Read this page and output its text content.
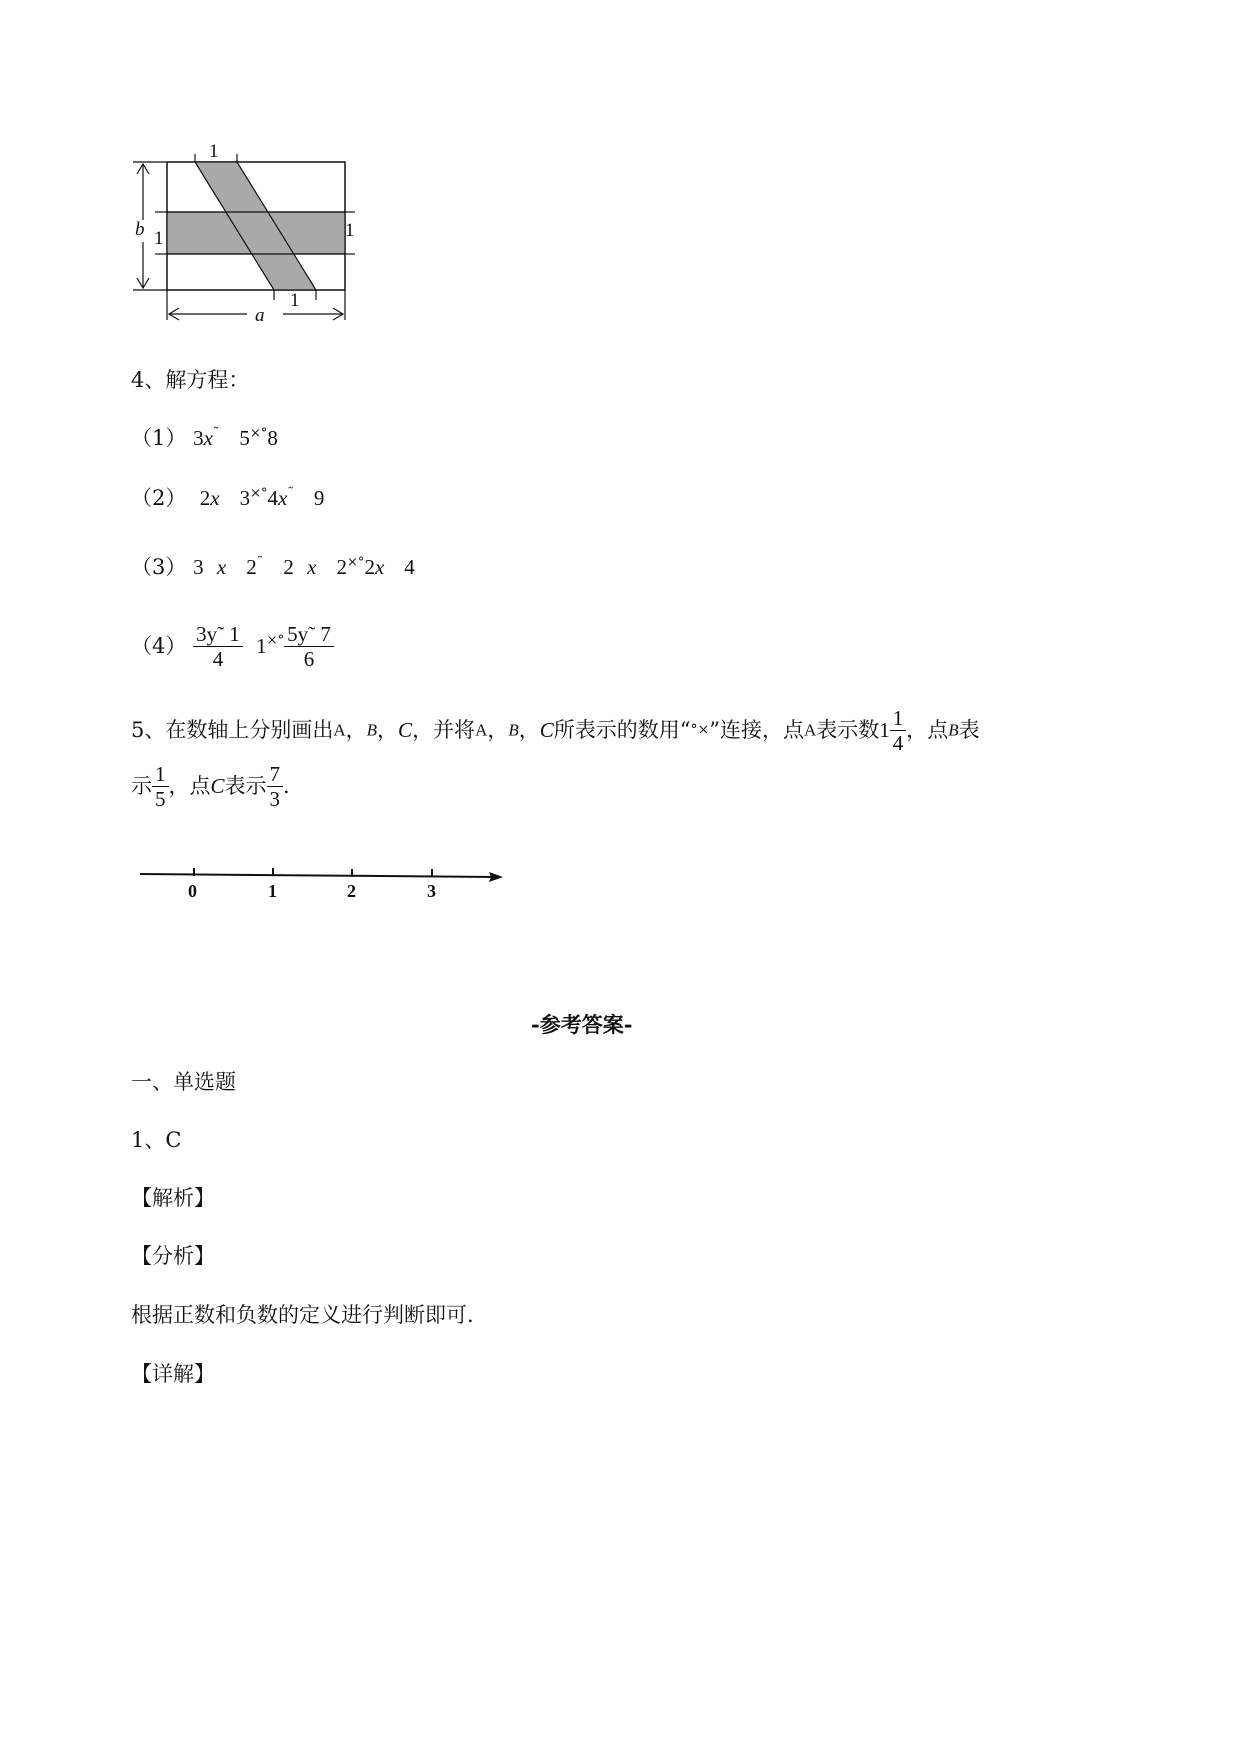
1
1
1	1
b
a
4、解方程：
（1） 3x˜ 5×°8
（2） 2x 3×°4x˜ 9
（3） 3 x 2˜ 2 x 2×°2x 4
$(4) \frac{3y˜ 1}{4} 1^{\times^\circ} \frac{5y˜ 7}{6}$
5、在数轴上分别画出A，B，C，并将A，B，C所表示的数用“°×”连接，点A表示数$1 \frac{1}{4}$ ，点B表
示 $\frac{1}{5}$ ，点C表示 $\frac{7}{3}$ .
0	1	2	3
-参考答案-
一、单选题
1、C
【解析】
【分析】
根据正数和负数的定义进行判断即可.
【详解】
